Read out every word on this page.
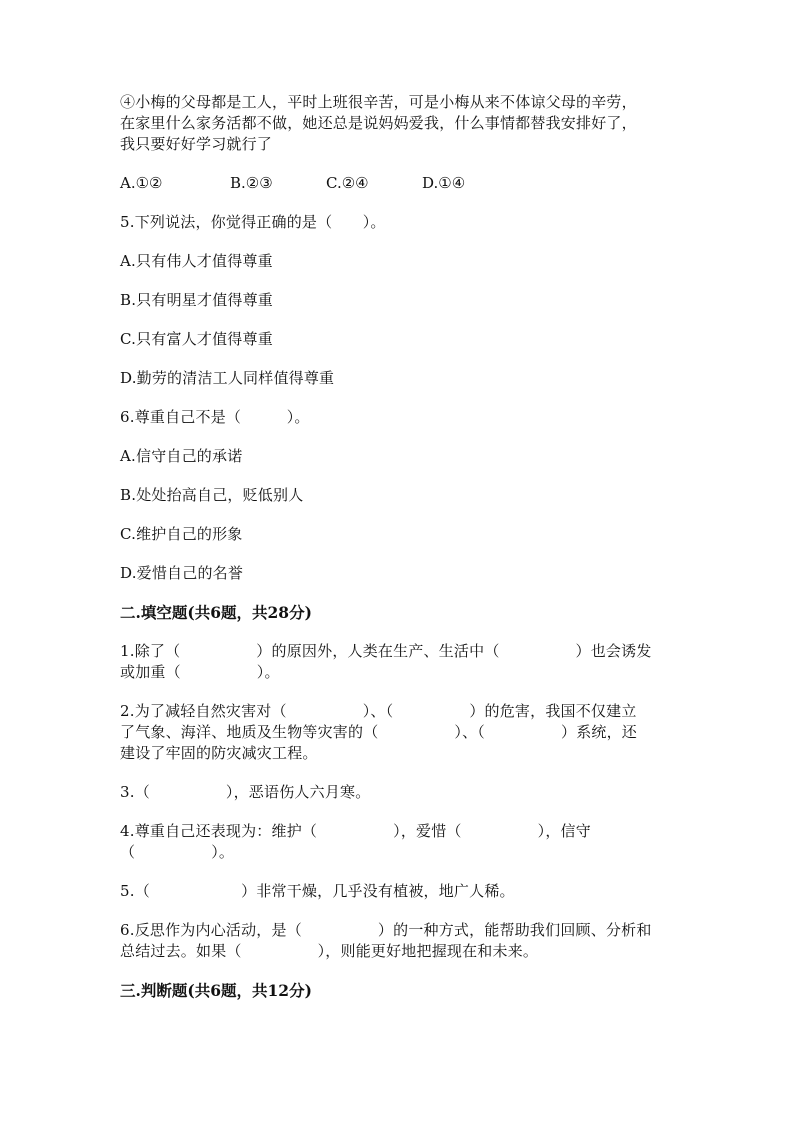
④小梅的父母都是工人，平时上班很辛苦，可是小梅从来不体谅父母的辛劳，
在家里什么家务活都不做，她还总是说妈妈爱我，什么事情都替我安排好了，
我只要好好学习就行了
A.①②	B.②③	C.②④	D.①④
5.下列说法，你觉得正确的是（　　）。
A.只有伟人才值得尊重
B.只有明星才值得尊重
C.只有富人才值得尊重
D.勤劳的清洁工人同样值得尊重
6.尊重自己不是（　　　）。
A.信守自己的承诺
B.处处抬高自己，贬低别人
C.维护自己的形象
D.爱惜自己的名誉
二.填空题(共6题，共28分)
1.除了（　　　　　）的原因外，人类在生产、生活中（　　　　　）也会诱发
或加重（　　　　　）。
2.为了减轻自然灾害对（　　　　　）、（　　　　　）的危害，我国不仅建立
了气象、海洋、地质及生物等灾害的（　　　　　）、（　　　　　）系统，还
建设了牢固的防灾减灾工程。
3.（　　　　　），恶语伤人六月寒。
4.尊重自己还表现为：维护（　　　　　），爱惜（　　　　　），信守
（　　　　　）。
5.（　　　　　　）非常干燥，几乎没有植被，地广人稀。
6.反思作为内心活动，是（　　　　　）的一种方式，能帮助我们回顾、分析和
总结过去。如果（　　　　　），则能更好地把握现在和未来。
三.判断题(共6题，共12分)
